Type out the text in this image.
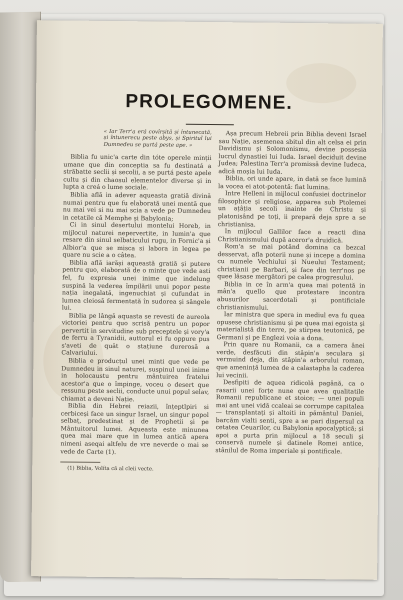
PROLEGOMENE.

« Iar Terr'a erá covîrșită și întunecată, și întunerecu peste abys, și Spiritul lui Dumnedeu se purtá peste ape. »

Biblia fu unic'a carte din tóte operele minții umane que din conceptiа sa fu destinatá a străbatte seclii și secolii, a se purtá peste apele cultu și din chaosul elementelor diverse și in lupta a creá o lume sociale.

Biblia află in adever aqueasta gratiă divină numai pentru que fu elaborată unei mentă que nu mai vei si nu mai scia a vede pe Dumnedeu in cetatile că Memphe și Babylonia;

Ci in sinul desertului montelui Horeb, in mijlocul naturei nepervertite, in lumin'a que resare din sinul selbaticului rugu, in Fornic'a și Albior'a que se misca si labora in legea pe quare nu scie a o câtea.

Biblia află iarăși aqueastă gratiă și putere pentru quo, elaborată de o minte que vede asti fel, fu expresia unei inime que indelung suspină la vederea împilării unui popor peste nația inegalată, ingenuchiat și cufundat in lumea cleiosă fermentată în sudorea și sângele lui.

Biblia pe lângă aquasta se revesti de aureola victoriei pentru quo scrisă pentru un popor pervertit in servitudine sub preceptele și vory'a de ferru a Tyranidii, auttorul ei fu oppure pus s'aveti de quăt o stațiune durerosă a Calvariului.

Biblia e producțul unei minti que vede pe Dumnedeu in sinul naturei, suspinul unei inime in holocaustu pentru mântuirea fratelui acestor'a que o împinge, voceu o desert que ressunu peste seclii, conducte unui popul selav, chiamat a deveni Nație.

Biblia din Hebrei reiazii, înțeptlpiri si cerbiceși face un singur Israel, un singur popol selbaț, predestinat și de Prophetii și pe Mântuitorul lumei. Aqueasta este minunea quea mai mare que in lumea antică apera nimeni aseqai altfelu de vre neverde o mai se vede de Carte (1).

(1) Biblia, Volíta că al cleii vecte.

Așa precum Hebreii prin Biblia deveni Israel sau Nație, asemenea sbitul din alt celsa ei prin Davidismu și Solomonismu, devine possesia lucrul dynastiei lui Iuda. Israel deciduit devine Judea; Palestina Terr'a promissă devine Iudeca, adică moșia lui Iuda.

Biblia, ori unde apare, in dată se face lumină la vocea ei atot-potentă: fiat lumina.

Intre Helleni in mijlocul confusiei doctrinelor filosophice și religiose, apparea sub Ptolemei un ațâția secoli inainte de Christu și platonisând pe toți, ii prepară deja spre a se christianisa.

In mijlocul Gallilor face a reacti dina Christianismului după aceror'a druidică.

Rom'a se mai potând domina ca bezcal desservat, afla poterii nune și incepe a domina cu numele Vechiului și Nueului Testament; christianii pe Barbari, și face din terr'nos pe quee lăsase mergători pe calea progresului.

Biblia in ce în arm'a quea mai potentă in mân'a quello que protestare incontra abusurilor sacerdotali și pontificiale christianismului.

Iar ministra que spera in mediul eva fu quea opusese christianismu și pe quea mai egoista și materialistă din terre, pe stirpea teutonică, pe Germani și pe Englezi voia a dona.

Prin quare nu Romanii, ca a camera ânei verde, desfăcuti din stâpin'a seculara și vermuind deja, din stâpin'a arborului roman, que amenință lumea de a calastapha la caderea lui vecinii.

Desfipiti de aquea ridicolă pagână, ca o rasarii unei forțe nune que avea qualitatile Romanii republicane et stoice; — unei populi mai ant unei vidă ccaleai se corrumpe capitalea — transplantați și altoiti in pământul Daniei, barcăm vialti senti, spre a se pari dispersul ca cetatea Ceuarilor, cu Babylonia apocalyptică; și apoi a purta prin mijlocul a 18 seculi și conservă numele și datinele Romei antice, stânilul de Roma imperiale și pontificale.
